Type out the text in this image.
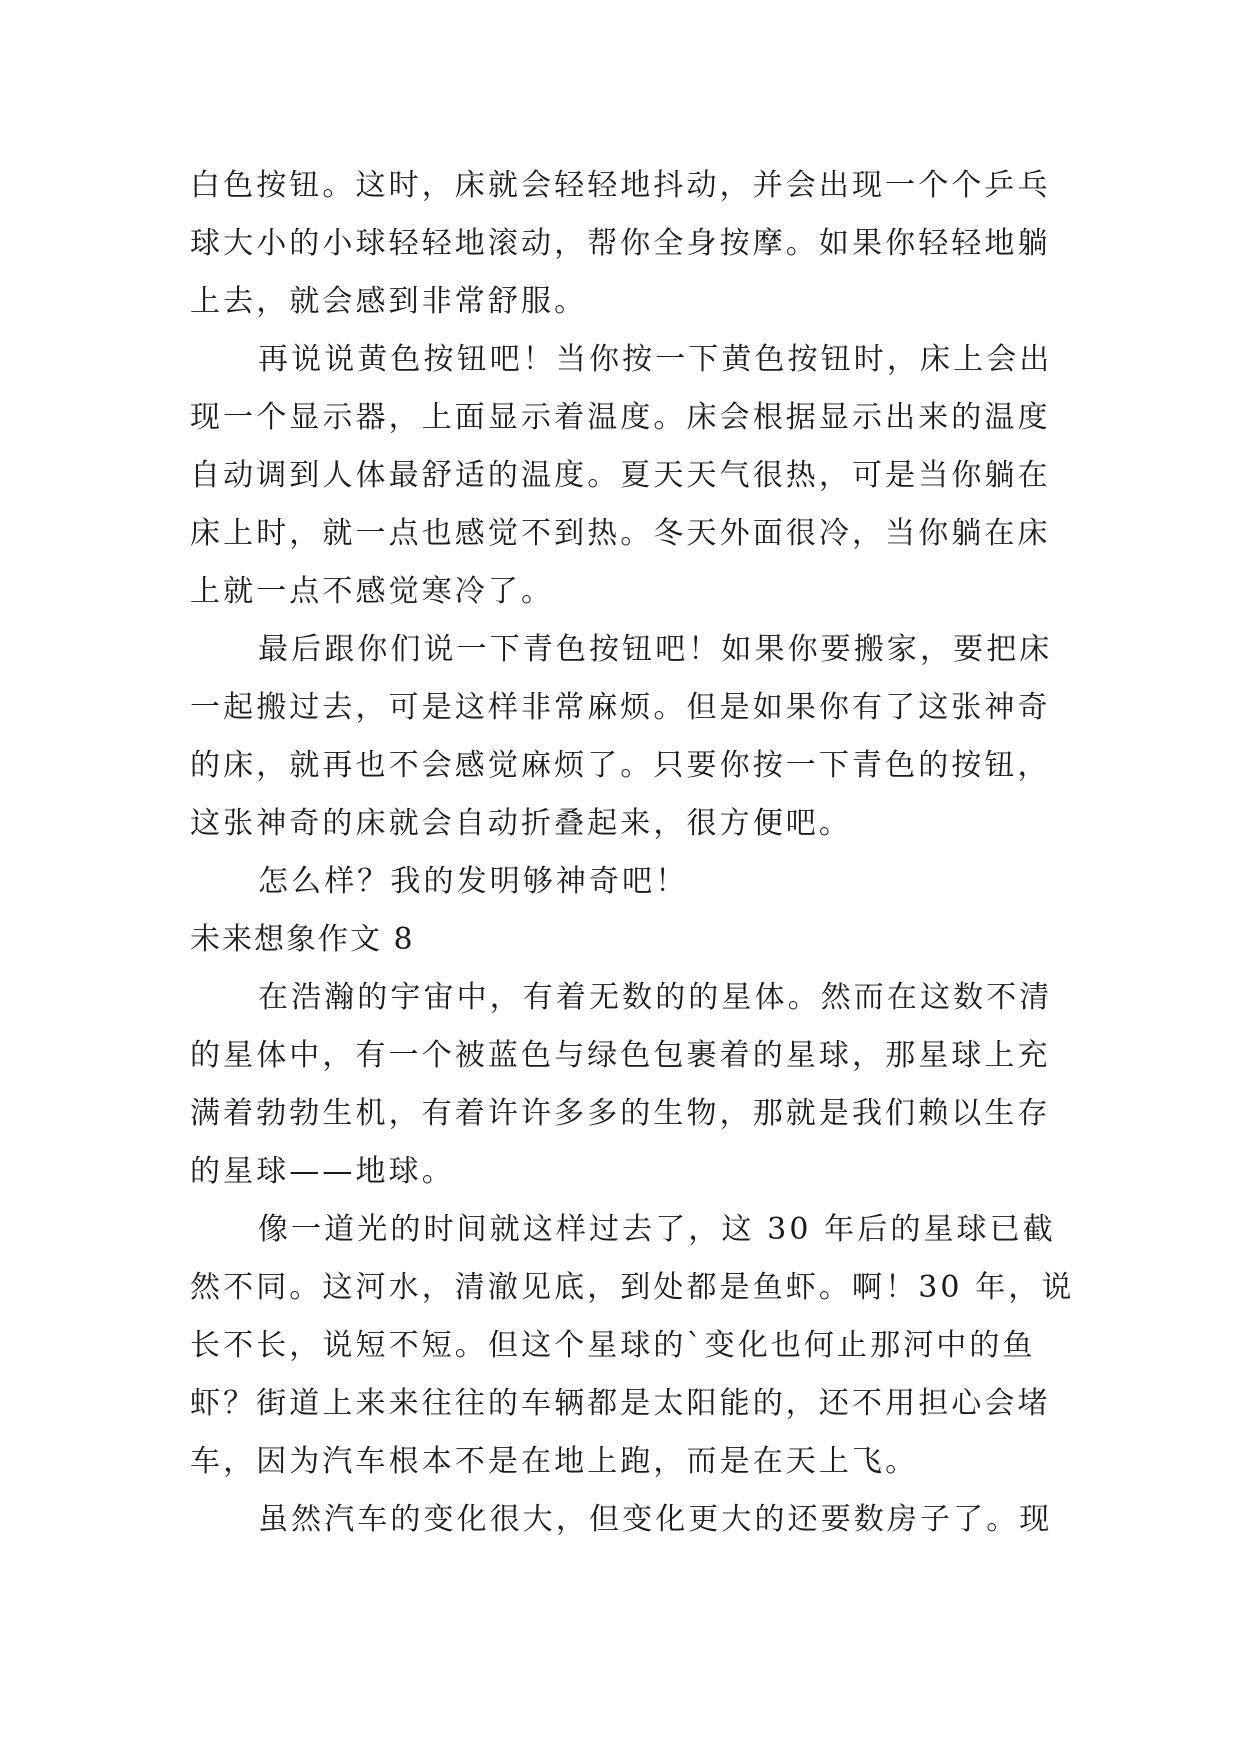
白色按钮。这时，床就会轻轻地抖动，并会出现一个个乒乓
球大小的小球轻轻地滚动，帮你全身按摩。如果你轻轻地躺
上去，就会感到非常舒服。
再说说黄色按钮吧！当你按一下黄色按钮时，床上会出
现一个显示器，上面显示着温度。床会根据显示出来的温度
自动调到人体最舒适的温度。夏天天气很热，可是当你躺在
床上时，就一点也感觉不到热。冬天外面很冷，当你躺在床
上就一点不感觉寒冷了。
最后跟你们说一下青色按钮吧！如果你要搬家，要把床
一起搬过去，可是这样非常麻烦。但是如果你有了这张神奇
的床，就再也不会感觉麻烦了。只要你按一下青色的按钮，
这张神奇的床就会自动折叠起来，很方便吧。
怎么样？我的发明够神奇吧！
未来想象作文 8
在浩瀚的宇宙中，有着无数的的星体。然而在这数不清
的星体中，有一个被蓝色与绿色包裹着的星球，那星球上充
满着勃勃生机，有着许许多多的生物，那就是我们赖以生存
的星球——地球。
像一道光的时间就这样过去了，这 30 年后的星球已截
然不同。这河水，清澈见底，到处都是鱼虾。啊！30 年，说
长不长，说短不短。但这个星球的`变化也何止那河中的鱼
虾？街道上来来往往的车辆都是太阳能的，还不用担心会堵
车，因为汽车根本不是在地上跑，而是在天上飞。
虽然汽车的变化很大，但变化更大的还要数房子了。现
